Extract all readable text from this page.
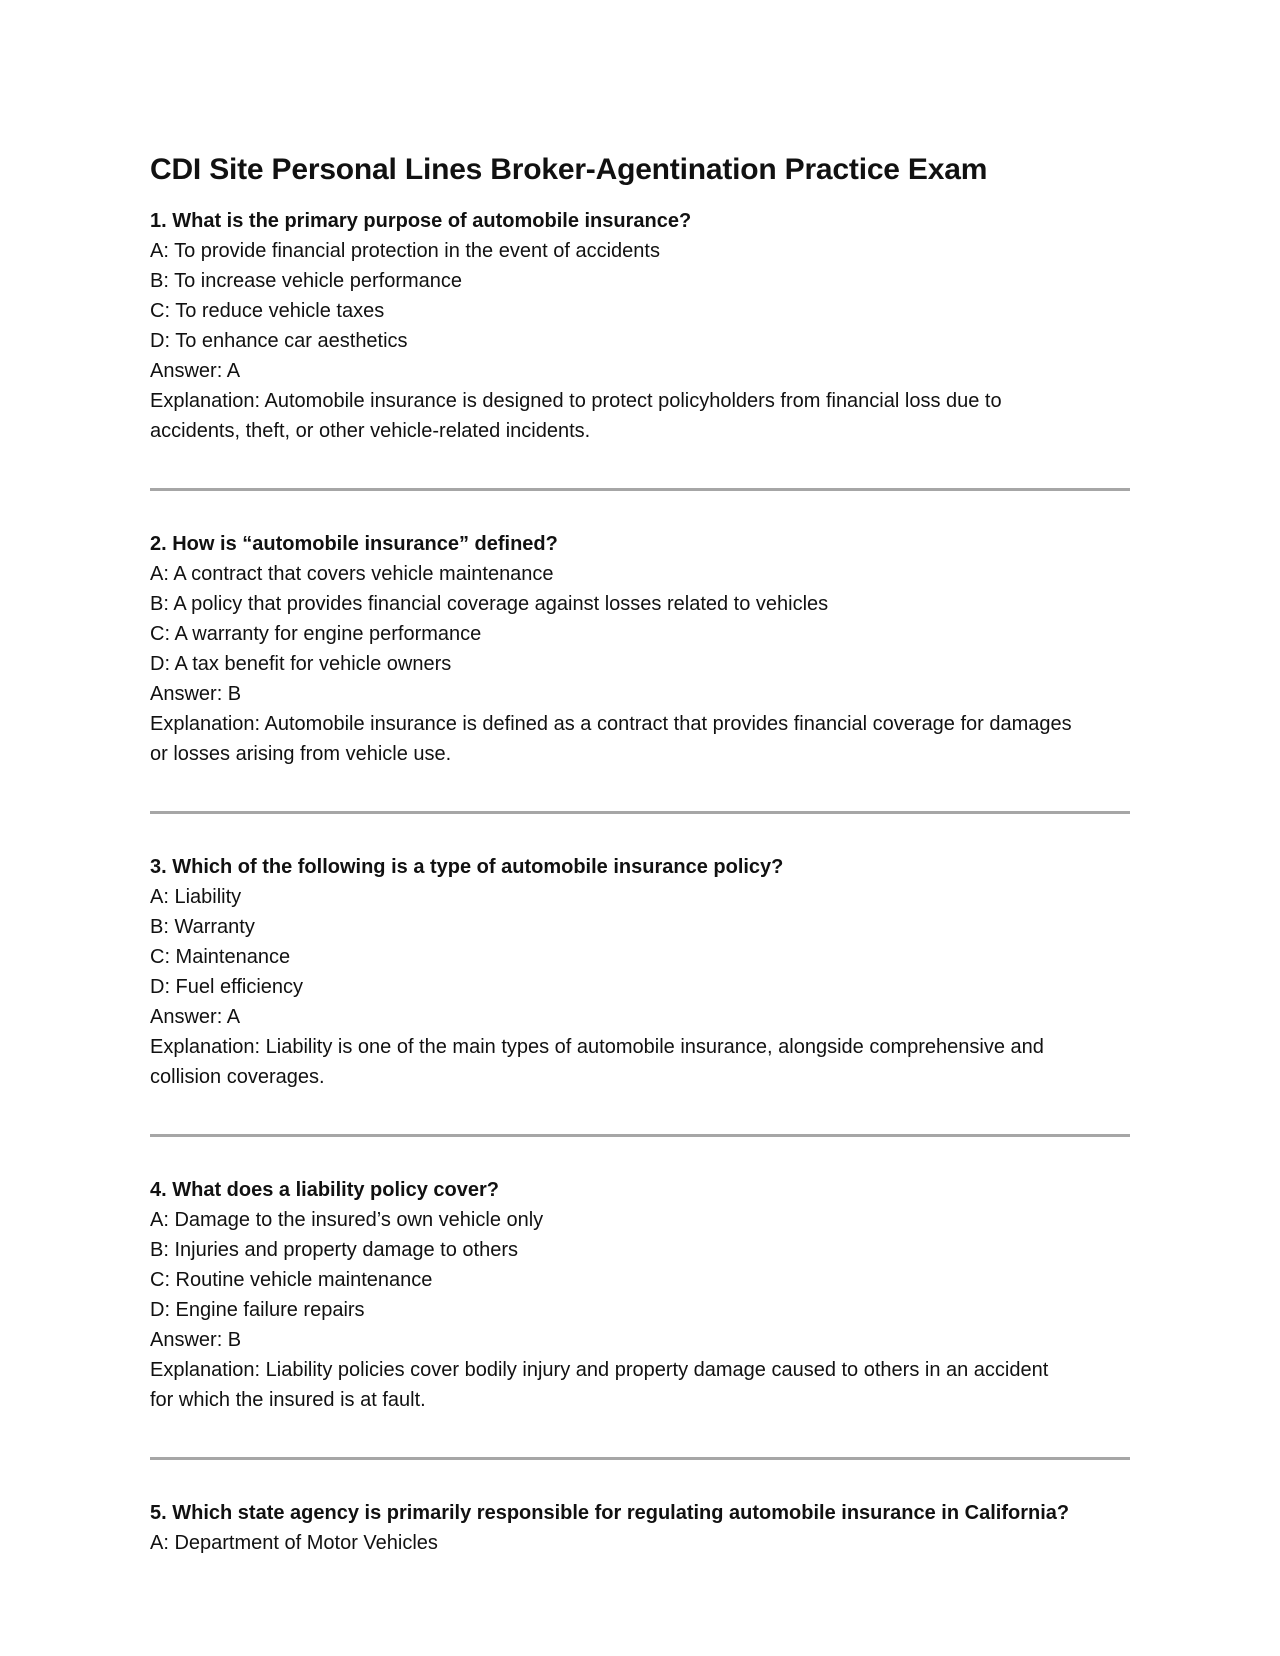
CDI Site Personal Lines Broker-Agentination Practice Exam

1. What is the primary purpose of automobile insurance?

A: To provide financial protection in the event of accidents

B: To increase vehicle performance

C: To reduce vehicle taxes

D: To enhance car aesthetics

Answer: A

Explanation: Automobile insurance is designed to protect policyholders from financial loss due to

accidents, theft, or other vehicle-related incidents.

2. How is “automobile insurance” defined?

A: A contract that covers vehicle maintenance

B: A policy that provides financial coverage against losses related to vehicles

C: A warranty for engine performance

D: A tax benefit for vehicle owners

Answer: B

Explanation: Automobile insurance is defined as a contract that provides financial coverage for damages

or losses arising from vehicle use.

3. Which of the following is a type of automobile insurance policy?

A: Liability

B: Warranty

C: Maintenance

D: Fuel efficiency

Answer: A

Explanation: Liability is one of the main types of automobile insurance, alongside comprehensive and

collision coverages.

4. What does a liability policy cover?

A: Damage to the insured’s own vehicle only

B: Injuries and property damage to others

C: Routine vehicle maintenance

D: Engine failure repairs

Answer: B

Explanation: Liability policies cover bodily injury and property damage caused to others in an accident

for which the insured is at fault.

5. Which state agency is primarily responsible for regulating automobile insurance in California?

A: Department of Motor Vehicles
